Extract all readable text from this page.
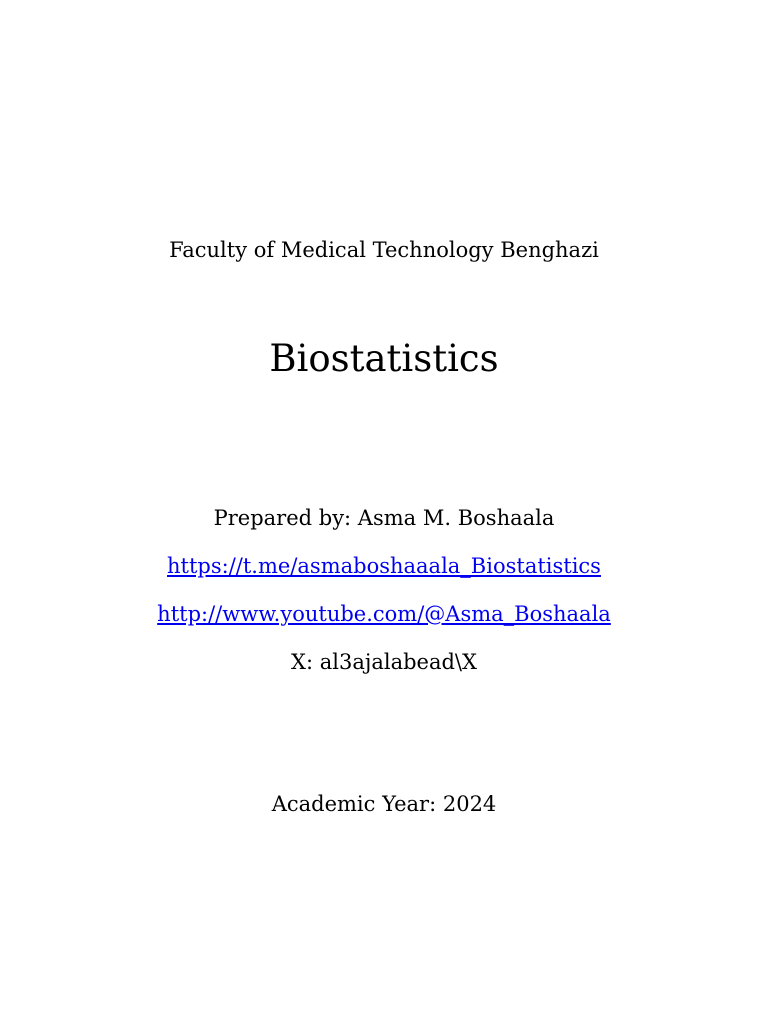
Faculty of Medical Technology Benghazi
Biostatistics
Prepared by: Asma M. Boshaala
https://t.me/asmaboshaaala_Biostatistics
http://www.youtube.com/@Asma_Boshaala
X: al3ajalabead\X
Academic Year: 2024
